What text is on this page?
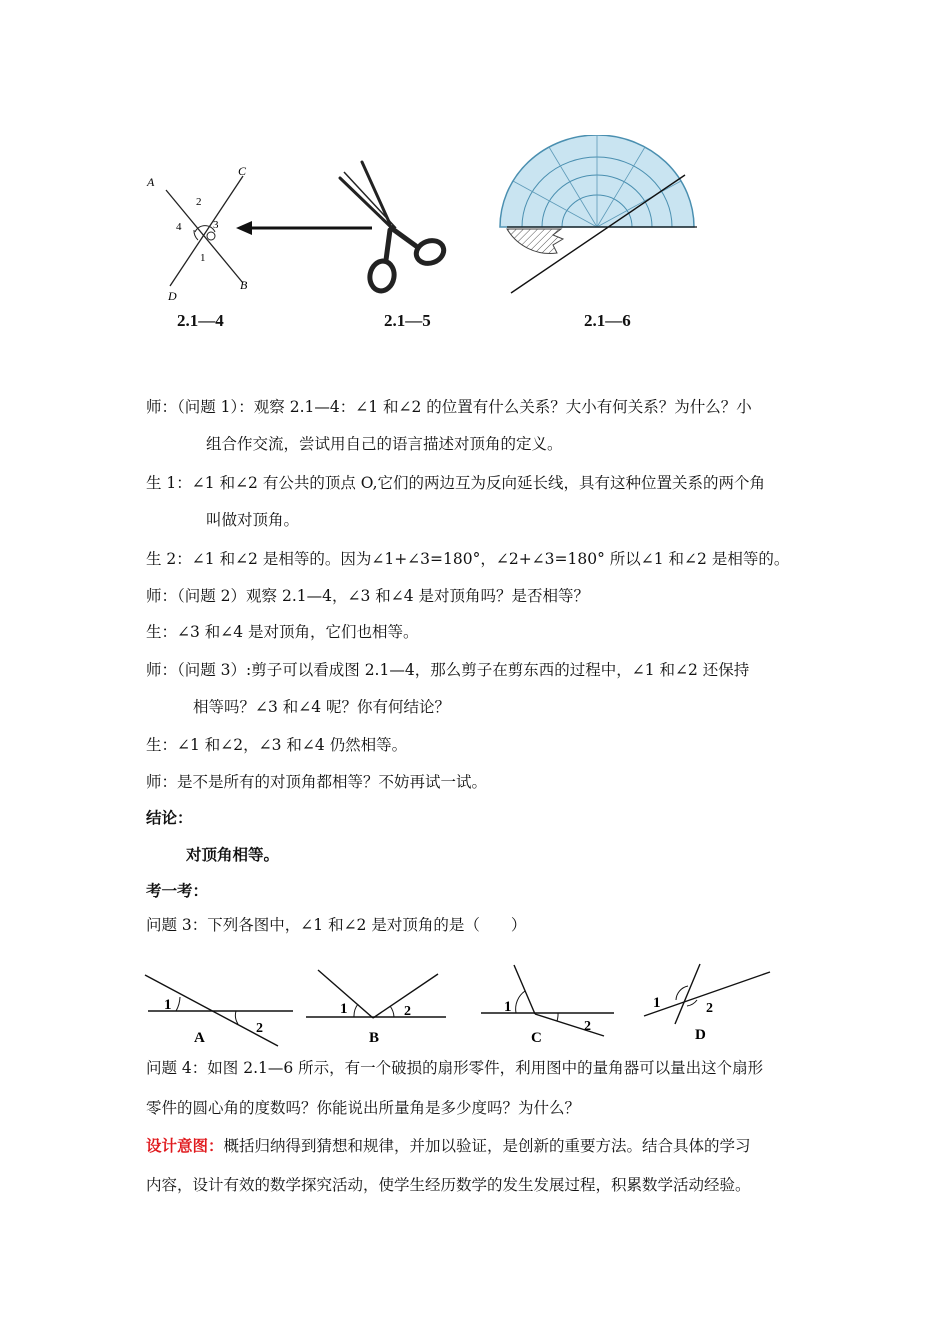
A
C
D
B
2
4	3
1
2.1—4	2.1—5	2.1—6
师：（问题 1）：观察 2.1—4：∠1 和∠2 的位置有什么关系？大小有何关系？为什么？小
组合作交流，尝试用自己的语言描述对顶角的定义。
生 1：∠1 和∠2 有公共的顶点 O,它们的两边互为反向延长线，具有这种位置关系的两个角
叫做对顶角。
生 2：∠1 和∠2 是相等的。因为∠1+∠3=180°，∠2+∠3=180° 所以∠1 和∠2 是相等的。
师：（问题 2）观察 2.1—4，∠3 和∠4 是对顶角吗？是否相等？
生：∠3 和∠4 是对顶角，它们也相等。
师：（问题 3）:剪子可以看成图 2.1—4，那么剪子在剪东西的过程中，∠1 和∠2 还保持
相等吗？∠3 和∠4 呢？你有何结论？
生：∠1 和∠2，∠3 和∠4 仍然相等。
师：是不是所有的对顶角都相等？不妨再试一试。
结论：
对顶角相等。
考一考：
问题 3：下列各图中，∠1 和∠2 是对顶角的是（　　）
1
2
A
1	2
B
1
2
C
1	2
D
问题 4：如图 2.1—6 所示，有一个破损的扇形零件，利用图中的量角器可以量出这个扇形
零件的圆心角的度数吗？你能说出所量角是多少度吗？为什么？
设计意图：概括归纳得到猜想和规律，并加以验证，是创新的重要方法。结合具体的学习
内容，设计有效的数学探究活动，使学生经历数学的发生发展过程，积累数学活动经验。
